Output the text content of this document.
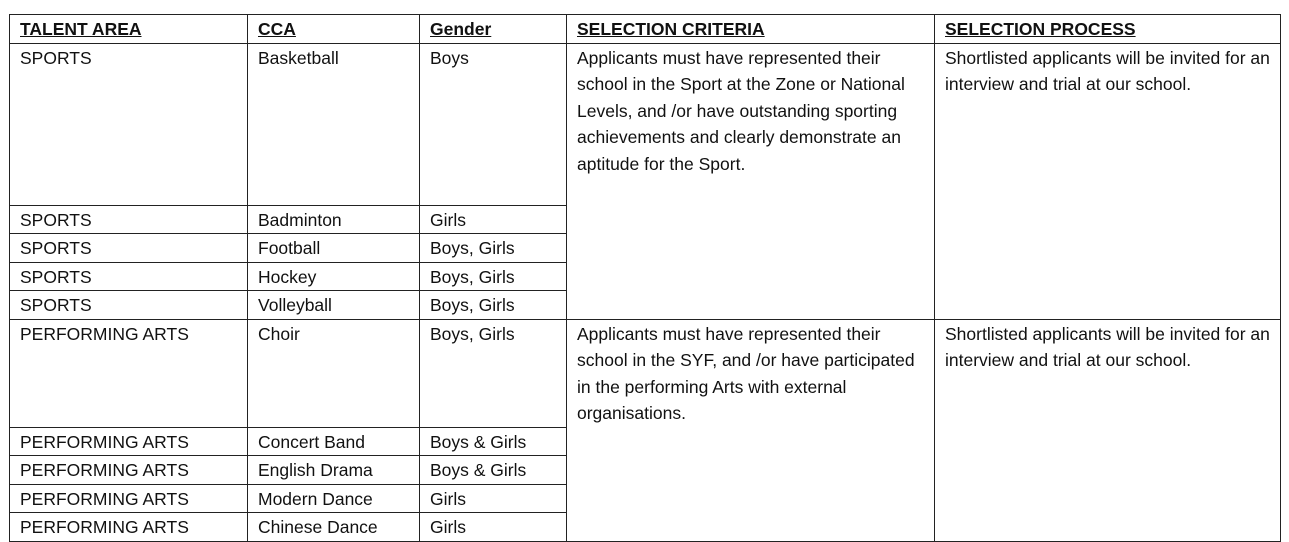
TALENT AREA	CCA	Gender	SELECTION CRITERIA	SELECTION PROCESS
SPORTS	Basketball	Boys	Applicants must have represented their school in the Sport at the Zone or National Levels, and /or have outstanding sporting achievements and clearly demonstrate an aptitude for the Sport.	Shortlisted applicants will be invited for an interview and trial at our school.
SPORTS	Badminton	Girls		
SPORTS	Football	Boys, Girls		
SPORTS	Hockey	Boys, Girls		
SPORTS	Volleyball	Boys, Girls		
PERFORMING ARTS	Choir	Boys, Girls	Applicants must have represented their school in the SYF, and /or have participated in the performing Arts with external organisations.	Shortlisted applicants will be invited for an interview and trial at our school.
PERFORMING ARTS	Concert Band	Boys & Girls		
PERFORMING ARTS	English Drama	Boys & Girls		
PERFORMING ARTS	Modern Dance	Girls		
PERFORMING ARTS	Chinese Dance	Girls		
